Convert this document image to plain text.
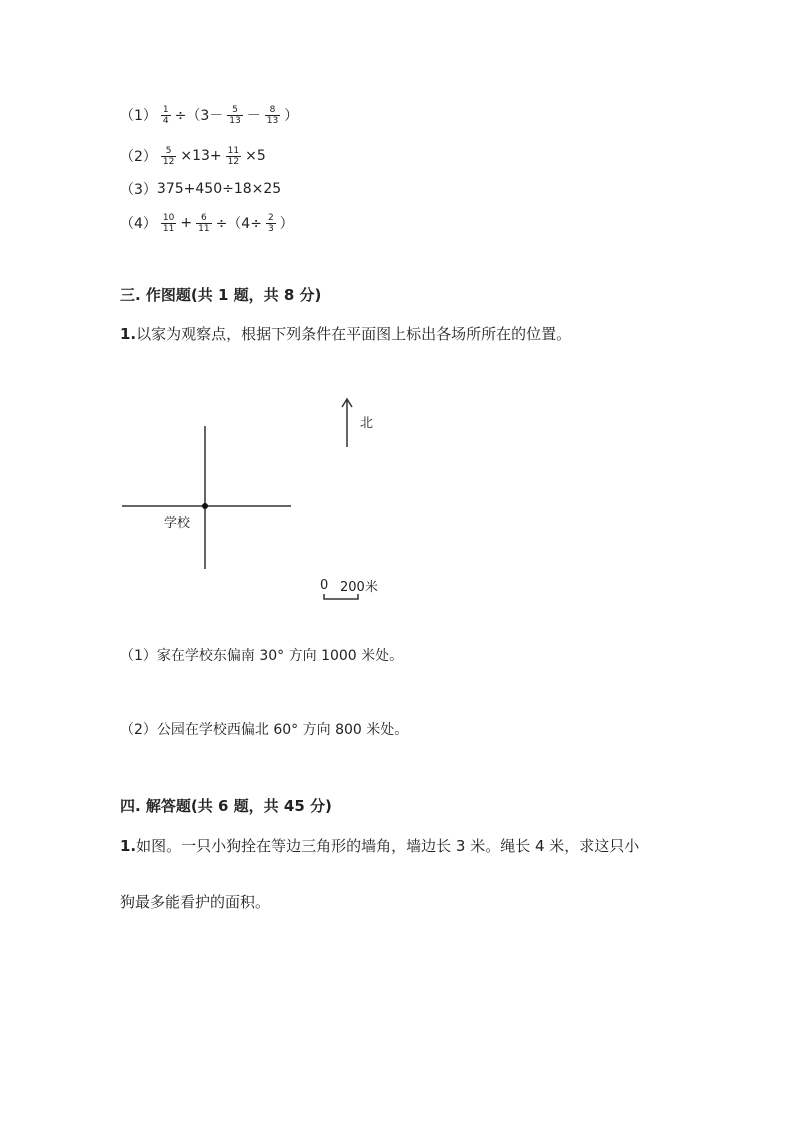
$(1) \frac{1}{4} \div(3- \frac{5}{13} - \frac{8}{13}$ ）
$(2) \frac{5}{12} \times 13+ \frac{11}{12} \times 5$
（3） 375+450÷18×25
$(4) \frac{10}{11} + \frac{6}{11} \div(4\div \frac{2}{3}$ ）
三. 作图题(共 1 题，共 8 分)
1.以家为观察点，根据下列条件在平面图上标出各场所所在的位置。
学校
北
0 200米
（1）家在学校东偏南 30° 方向 1000 米处。
（2）公园在学校西偏北 60° 方向 800 米处。
四. 解答题(共 6 题，共 45 分)
1.如图。一只小狗拴在等边三角形的墙角，墙边长 3 米。绳长 4 米，求这只小
狗最多能看护的面积。
